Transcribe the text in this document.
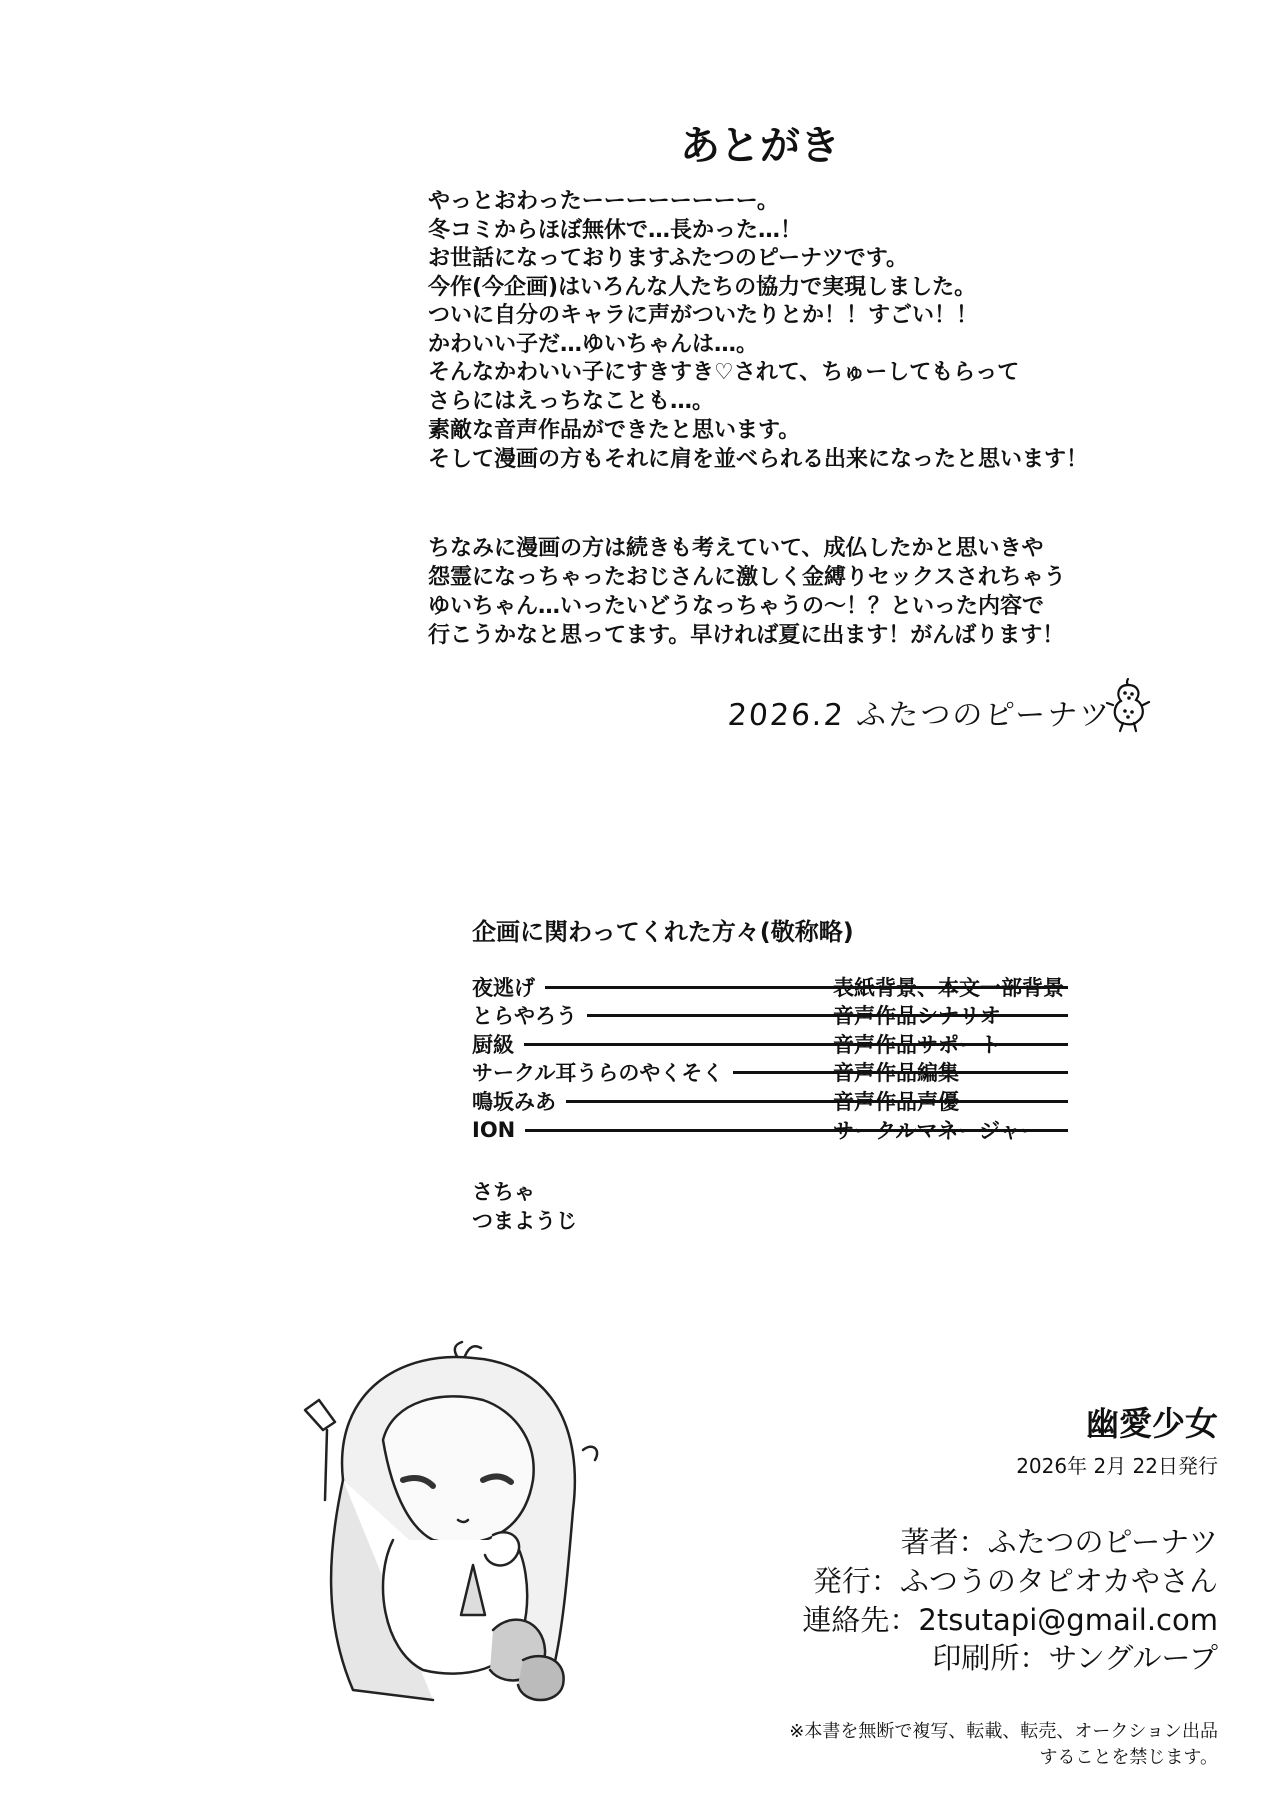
あとがき
やっとおわったーーーーーーーー。
冬コミからほぼ無休で…長かった…！
お世話になっておりますふたつのピーナツです。
今作(今企画)はいろんな人たちの協力で実現しました。
ついに自分のキャラに声がついたりとか！！すごい！！
かわいい子だ…ゆいちゃんは…。
そんなかわいい子にすきすき♡されて、ちゅーしてもらって
さらにはえっちなことも…。
素敵な音声作品ができたと思います。
そして漫画の方もそれに肩を並べられる出来になったと思います！
ちなみに漫画の方は続きも考えていて、成仏したかと思いきや
怨霊になっちゃったおじさんに激しく金縛りセックスされちゃう
ゆいちゃん…いったいどうなっちゃうの～！？といった内容で
行こうかなと思ってます。早ければ夏に出ます！がんばります！
2026.2 ふたつのピーナツ
企画に関わってくれた方々(敬称略)
夜逃げ	表紙背景、本文一部背景
とらやろう	音声作品シナリオ
厨級	音声作品サポート
サークル耳うらのやくそく	音声作品編集
鳴坂みあ	音声作品声優
ION	サークルマネージャー
さちゃ
つまようじ
幽愛少女
2026年 2月 22日発行
著者：ふたつのピーナツ
発行：ふつうのタピオカやさん
連絡先：2tsutapi@gmail.com
印刷所：サングループ
※本書を無断で複写、転載、転売、オークション出品
することを禁じます。
